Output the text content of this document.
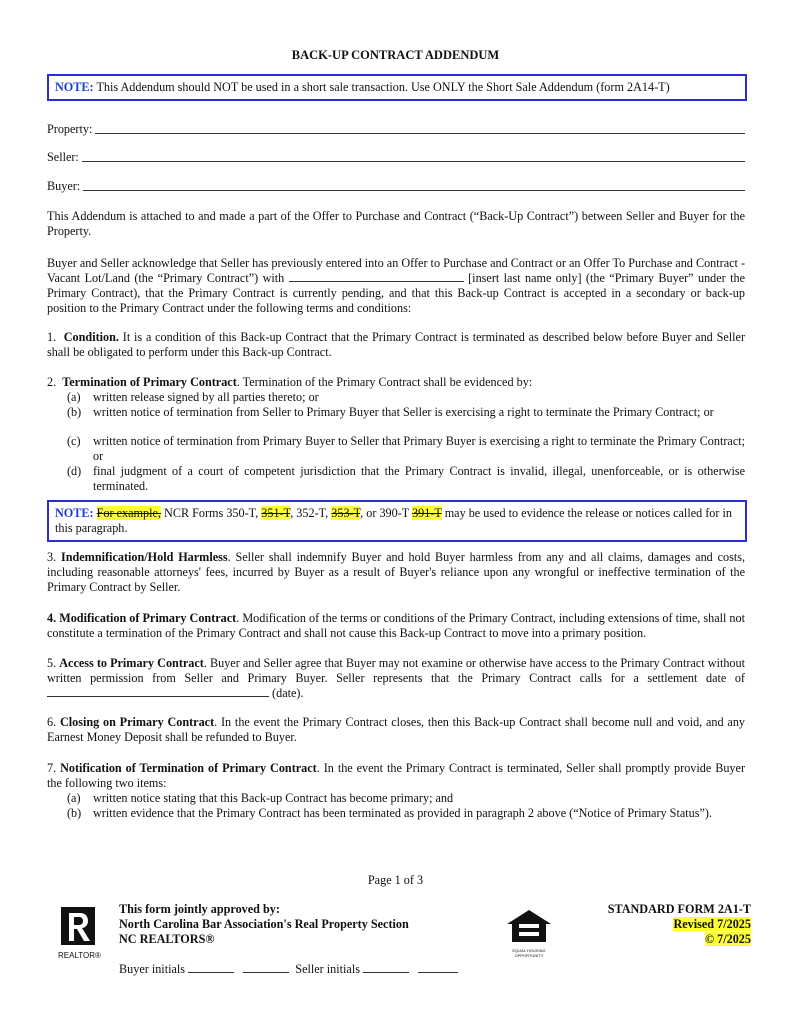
BACK-UP CONTRACT ADDENDUM
NOTE: This Addendum should NOT be used in a short sale transaction. Use ONLY the Short Sale Addendum (form 2A14-T)
Property:
Seller:
Buyer:
This Addendum is attached to and made a part of the Offer to Purchase and Contract (“Back-Up Contract”) between Seller and Buyer for the Property.
Buyer and Seller acknowledge that Seller has previously entered into an Offer to Purchase and Contract or an Offer To Purchase and Contract - Vacant Lot/Land (the “Primary Contract”) with	[insert last name only] (the “Primary Buyer” under the Primary Contract), that the Primary Contract is currently pending, and that this Back-up Contract is accepted in a secondary or back-up position to the Primary Contract under the following terms and conditions:
1. Condition. It is a condition of this Back-up Contract that the Primary Contract is terminated as described below before Buyer and Seller shall be obligated to perform under this Back-up Contract.
2. Termination of Primary Contract. Termination of the Primary Contract shall be evidenced by:
(a)	written release signed by all parties thereto; or
(b) written notice of termination from Seller to Primary Buyer that Seller is exercising a right to terminate the Primary Contract; or
(c)	written notice of termination from Primary Buyer to Seller that Primary Buyer is exercising a right to terminate the Primary Contract; or
(d) final judgment of a court of competent jurisdiction that the Primary Contract is invalid, illegal, unenforceable, or is otherwise terminated.
NOTE: For example, NCR Forms 350-T, 351-T, 352-T, 353-T, or 390-T 391-T may be used to evidence the release or notices called for in this paragraph.
3. Indemnification/Hold Harmless. Seller shall indemnify Buyer and hold Buyer harmless from any and all claims, damages and costs, including reasonable attorneys' fees, incurred by Buyer as a result of Buyer's reliance upon any wrongful or ineffective termination of the Primary Contract by Seller.
4. Modification of Primary Contract. Modification of the terms or conditions of the Primary Contract, including extensions of time, shall not constitute a termination of the Primary Contract and shall not cause this Back-up Contract to move into a primary position.
5. Access to Primary Contract. Buyer and Seller agree that Buyer may not examine or otherwise have access to the Primary Contract without written permission from Seller and Primary Buyer. Seller represents that the Primary Contract calls for a settlement date of  (date).
6. Closing on Primary Contract. In the event the Primary Contract closes, then this Back-up Contract shall become null and void, and any Earnest Money Deposit shall be refunded to Buyer.
7. Notification of Termination of Primary Contract. In the event the Primary Contract is terminated, Seller shall promptly provide Buyer the following two items:
(a)	written notice stating that this Back-up Contract has become primary; and
(b) written evidence that the Primary Contract has been terminated as provided in paragraph 2 above (“Notice of Primary Status”).
Page 1 of 3
REALTOR®
This form jointly approved by:
North Carolina Bar Association's Real Property Section
NC REALTORS®
EQUAL HOUSING OPPORTUNITY
STANDARD FORM 2A1-T
Revised 7/2025
© 7/2025
Buyer initials	Seller initials
